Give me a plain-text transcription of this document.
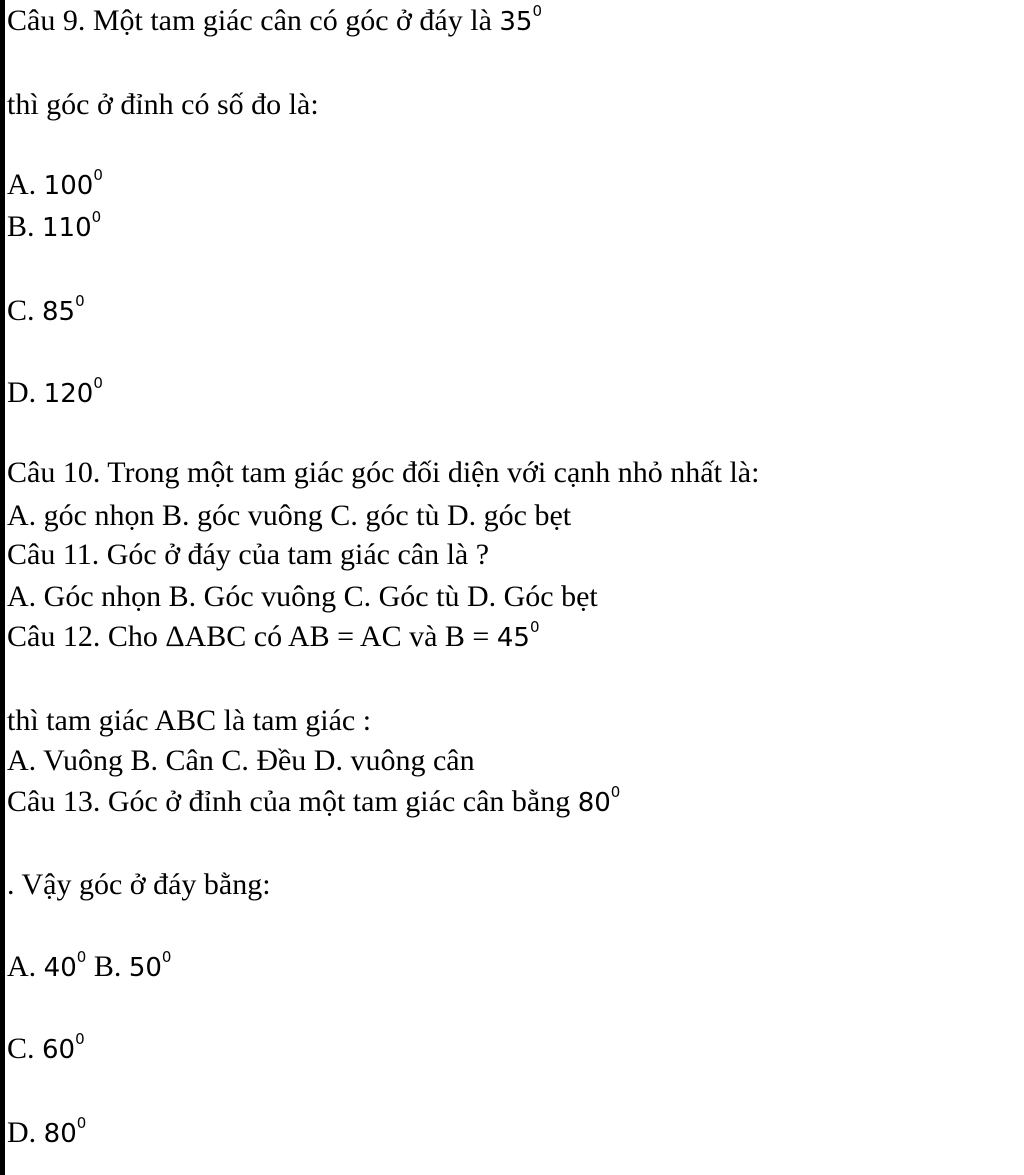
Câu 9. Một tam giác cân có góc ở đáy là $35^0$
thì góc ở đỉnh có số đo là:
A. $100^0$
B. $110^0$
C. $85^0$
D. $120^0$
Câu 10. Trong một tam giác góc đối diện với cạnh nhỏ nhất là:
A. góc nhọn B. góc vuông C. góc tù D. góc bẹt
Câu 11. Góc ở đáy của tam giác cân là ?
A. Góc nhọn B. Góc vuông C. Góc tù D. Góc bẹt
Câu 12. Cho ΔABC có AB = AC và $B = 45^0$
thì tam giác ABC là tam giác :
A. Vuông B. Cân C. Đều D. vuông cân
Câu 13. Góc ở đỉnh của một tam giác cân bằng $80^0$
. Vậy góc ở đáy bằng:
A. $40^0$ B. $50^0$
C. $60^0$
D. $80^0$
